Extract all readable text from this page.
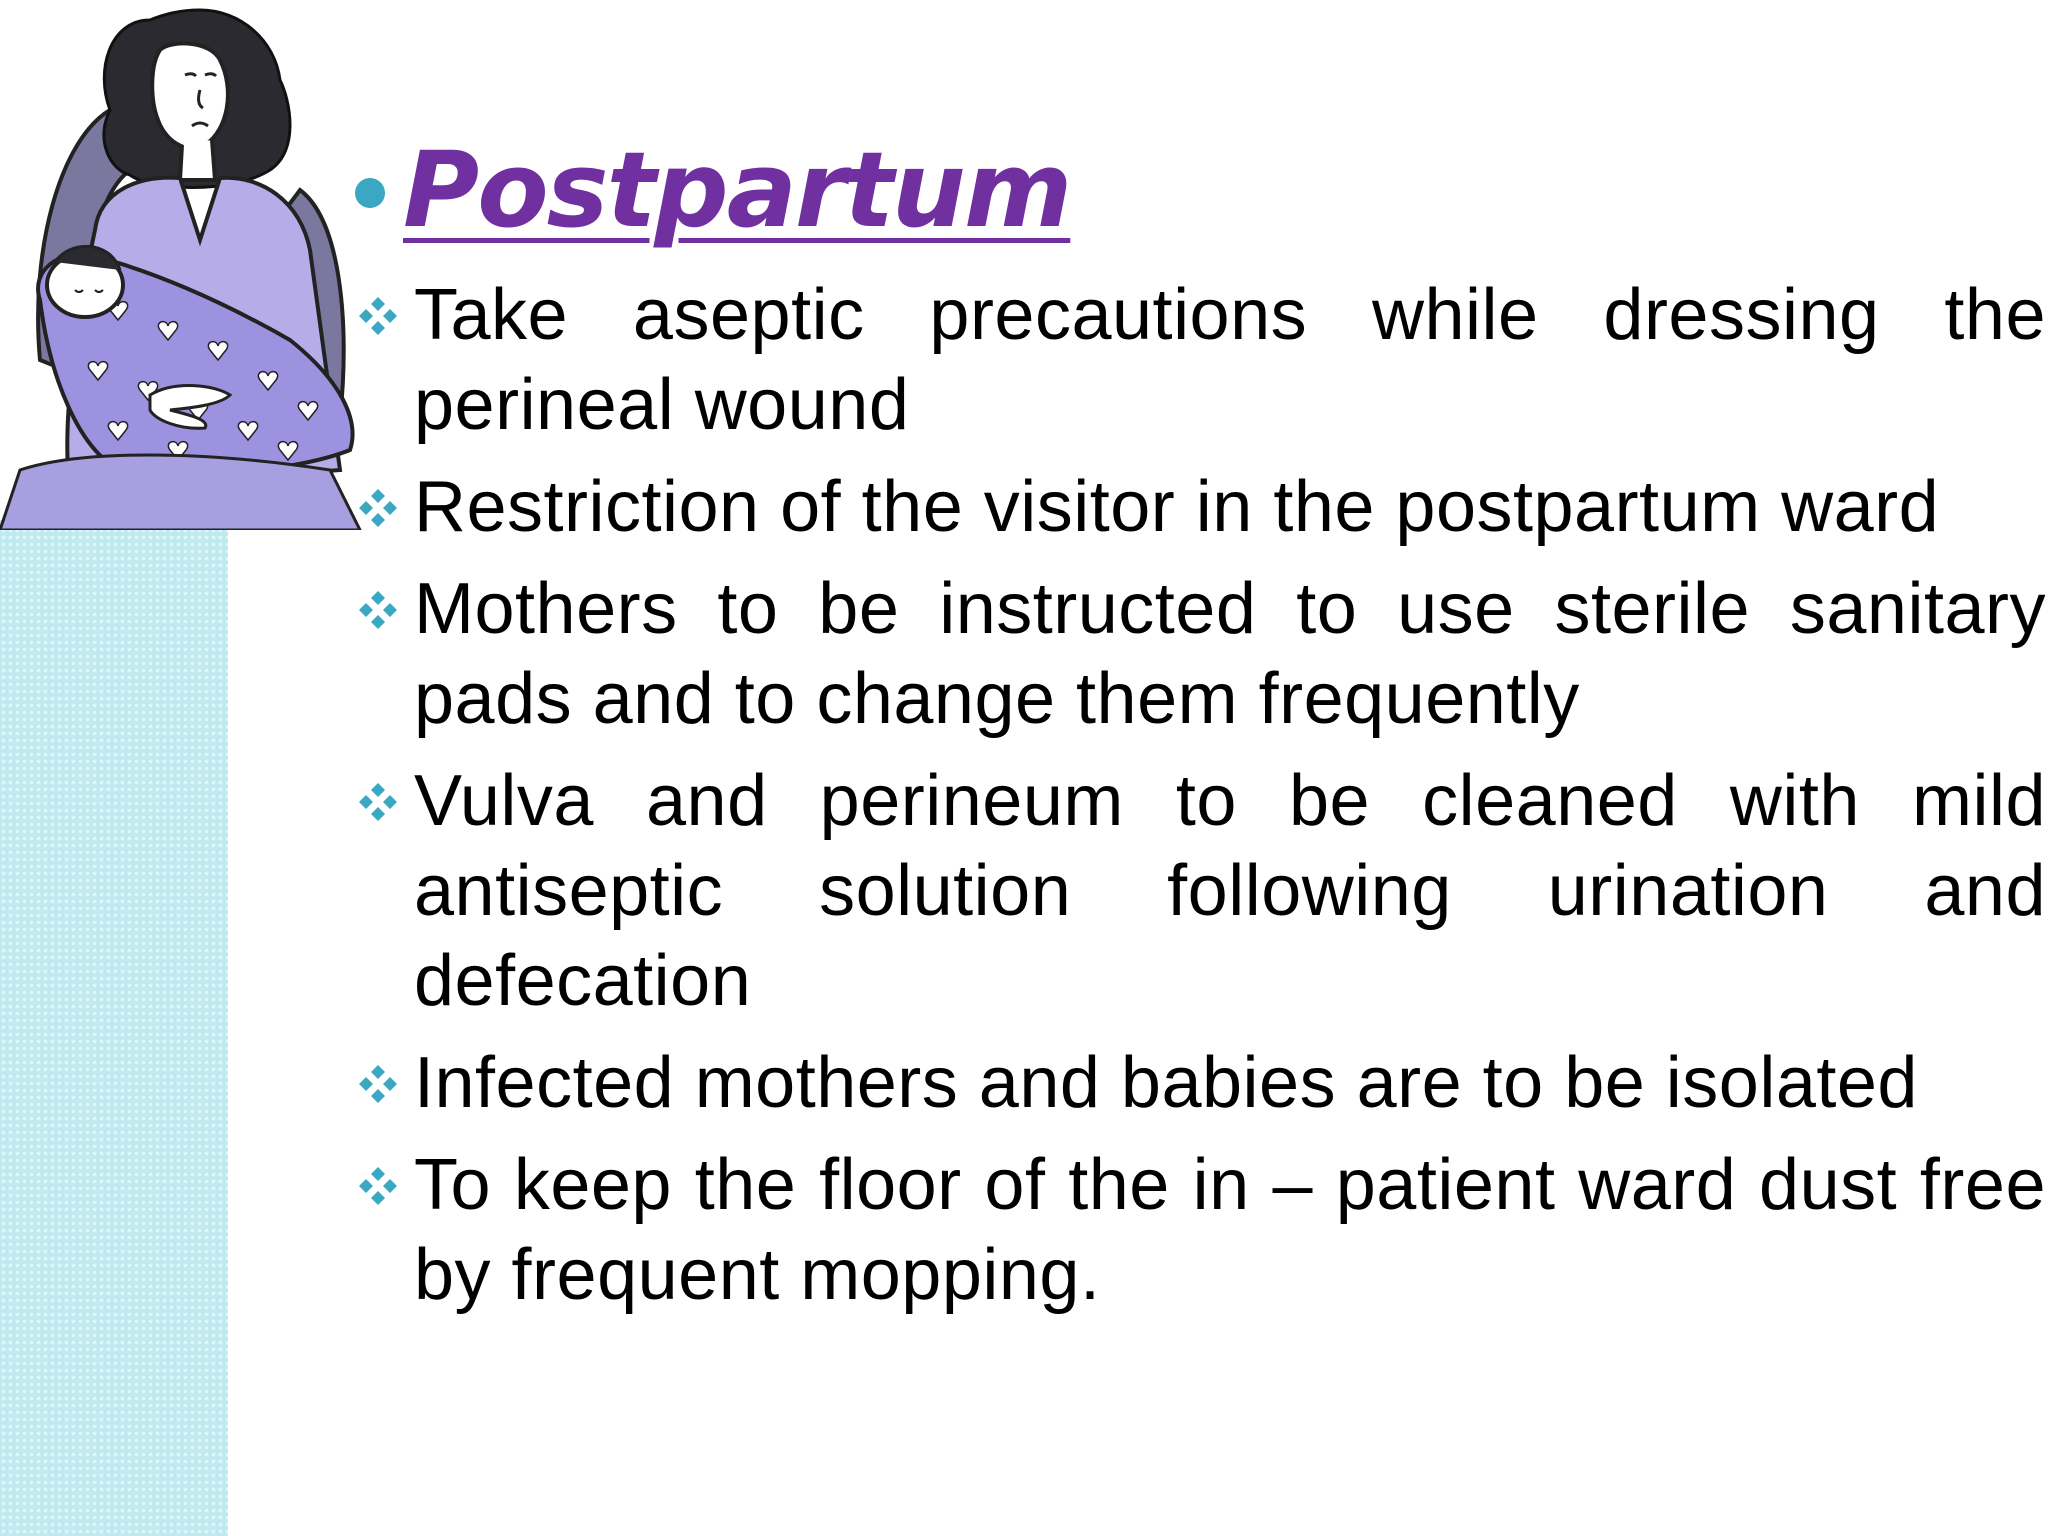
Postpartum
Take aseptic precautions while dressing the perineal wound
Restriction of the visitor in the postpartum ward
Mothers to be instructed to use sterile sanitary pads and to change them frequently
Vulva and perineum to be cleaned with mild antiseptic solution following urination and defecation
Infected mothers and babies are to be isolated
To keep the floor of the in – patient ward dust free by frequent mopping.
